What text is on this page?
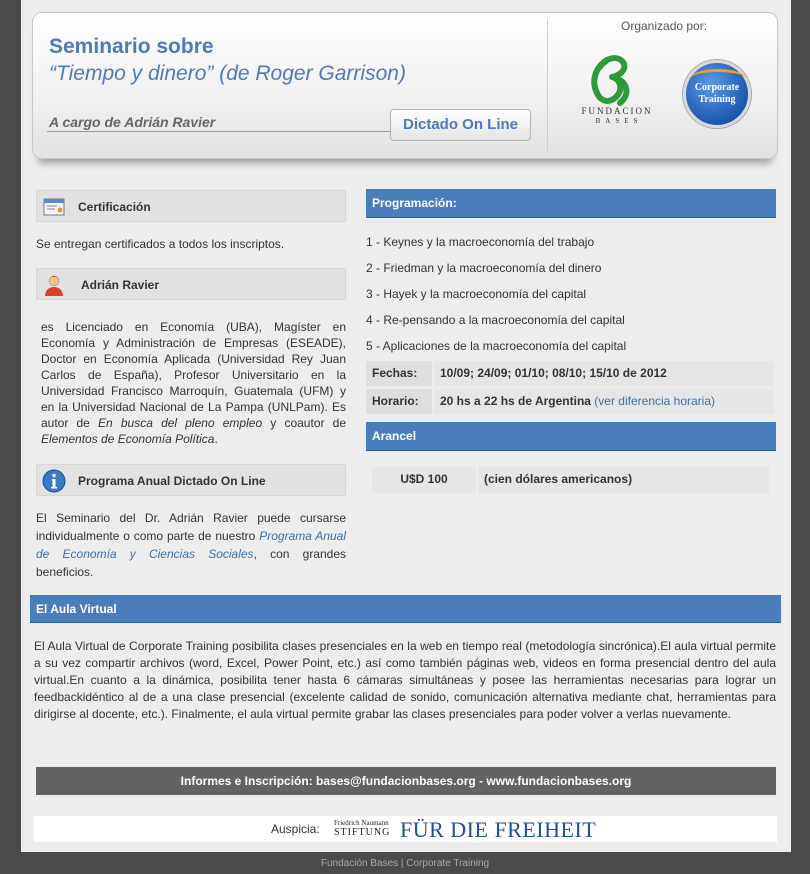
Seminario sobre
“Tiempo y dinero” (de Roger Garrison)
A cargo de Adrián Ravier	Dictado On Line
Organizado por:
FUNDACION
BASES
Corporate
Training
Certificación
Se entregan certificados a todos los inscriptos.
Adrián Ravier
es Licenciado en Economía (UBA), Magíster en Economía y Administración de Empresas (ESEADE), Doctor en Economía Aplicada (Universidad Rey Juan Carlos de España), Profesor Universitario en la Universidad Francisco Marroquín, Guatemala (UFM) y en la Universidad Nacional de La Pampa (UNLPam). Es autor de En busca del pleno empleo y coautor de Elementos de Economía Política.
Programa Anual Dictado On Line
El Seminario del Dr. Adrián Ravier puede cursarse individualmente o como parte de nuestro Programa Anual de Economía y Ciencias Sociales, con grandes beneficios.
Programación:
1 - Keynes y la macroeconomía del trabajo
2 - Friedman y la macroeconomía del dinero
3 - Hayek y la macroeconomía del capital
4 - Re-pensando a la macroeconomía del capital
5 - Aplicaciones de la macroeconomía del capital
Fechas:	10/09; 24/09; 01/10; 08/10; 15/10 de 2012
Horario:	20 hs a 22 hs de Argentina (ver diferencia horaria)
Arancel
U$D 100	(cien dólares americanos)
El Aula Virtual
El Aula Virtual de Corporate Training posibilita clases presenciales en la web en tiempo real (metodología sincrónica).El aula virtual permite a su vez compartir archivos (word, Excel, Power Point, etc.) así como también páginas web, videos en forma presencial dentro del aula virtual.En cuanto a la dinámica, posibilita tener hasta 6 cámaras simultáneas y posee las herramientas necesarias para lograr un feedbackidéntico al de a una clase presencial (excelente calidad de sonido, comunicación alternativa mediante chat, herramientas para dirigirse al docente, etc.). Finalmente, el aula virtual permite grabar las clases presenciales para poder volver a verlas nuevamente.
Informes e Inscripción: bases@fundacionbases.org - www.fundacionbases.org
Auspicia: Friedrich Naumann
STIFTUNG FÜR DIE FREIHEIT
Fundación Bases | Corporate Training
